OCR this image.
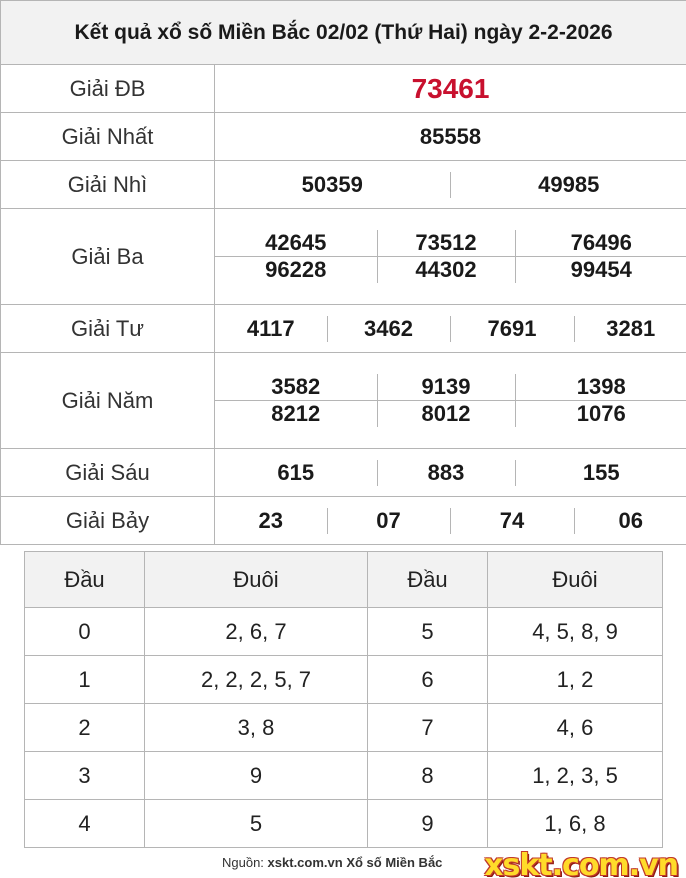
Kết quả xổ số Miền Bắc 02/02 (Thứ Hai) ngày 2-2-2026
Giải ĐB	73461
Giải Nhất	85558
Giải Nhì		50359	49985

Giải Ba	
42645	73512	76496
96228	44302	99454

Giải Tư		4117	3462	7691	3281

Giải Năm	
3582	9139	1398
8212	8012	1076

Giải Sáu		615	883	155

Giải Bảy		23	07	74	06
Đầu	Đuôi	Đầu	Đuôi
0	2, 6, 7	5	4, 5, 8, 9
1	2, 2, 2, 5, 7	6	1, 2
2	3, 8	7	4, 6
3	9	8	1, 2, 3, 5
4	5	9	1, 6, 8
Nguồn: xskt.com.vn Xổ số Miền Bắc xskt.com.vn
